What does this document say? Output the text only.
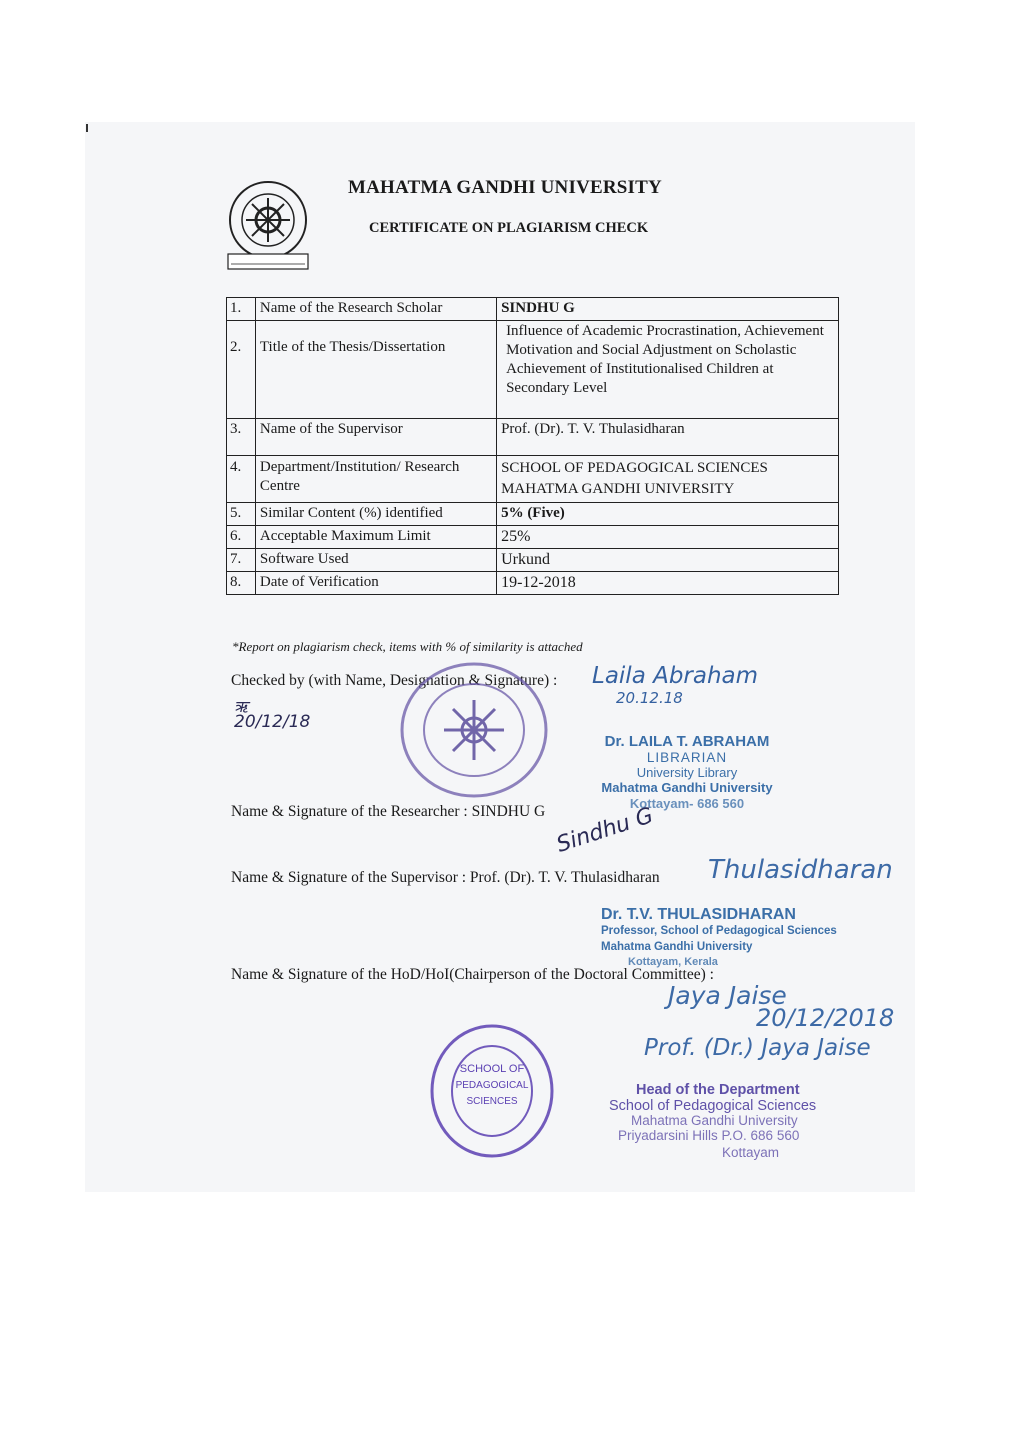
MAHATMA GANDHI UNIVERSITY
CERTIFICATE ON PLAGIARISM CHECK
1.	Name of the Research Scholar	SINDHU G
2.	Title of the Thesis/Dissertation	Influence of Academic Procrastination, Achievement Motivation and Social Adjustment on Scholastic Achievement of Institutionalised Children at Secondary Level
3.	Name of the Supervisor	Prof. (Dr). T. V. Thulasidharan
4.	Department/Institution/ Research Centre	SCHOOL OF PEDAGOGICAL SCIENCES MAHATMA GANDHI UNIVERSITY
5.	Similar Content (%) identified	5% (Five)
6.	Acceptable Maximum Limit	25%
7.	Software Used	Urkund
8.	Date of Verification	19-12-2018
*Report on plagiarism check, items with % of similarity is attached
Checked by (with Name, Designation & Signature) : Laila Abraham
20.12.18
ऋ
20/12/18
Dr. LAILA T. ABRAHAM
LIBRARIAN
University Library
Mahatma Gandhi University
Kottayam- 686 560
Name & Signature of the Researcher : SINDHU G Sindhu G
Name & Signature of the Supervisor : Prof. (Dr). T. V. Thulasidharan Thulasidharan
Dr. T.V. THULASIDHARAN
Professor, School of Pedagogical Sciences
Mahatma Gandhi University
Kottayam, Kerala
Name & Signature of the HoD/HoI(Chairperson of the Doctoral Committee) :
Jaya Jaise
20/12/2018
Prof. (Dr.) Jaya Jaise
SCHOOL OF
PEDAGOGICAL
SCIENCES
Head of the Department
School of Pedagogical Sciences
Mahatma Gandhi University
Priyadarsini Hills P.O. 686 560
Kottayam
